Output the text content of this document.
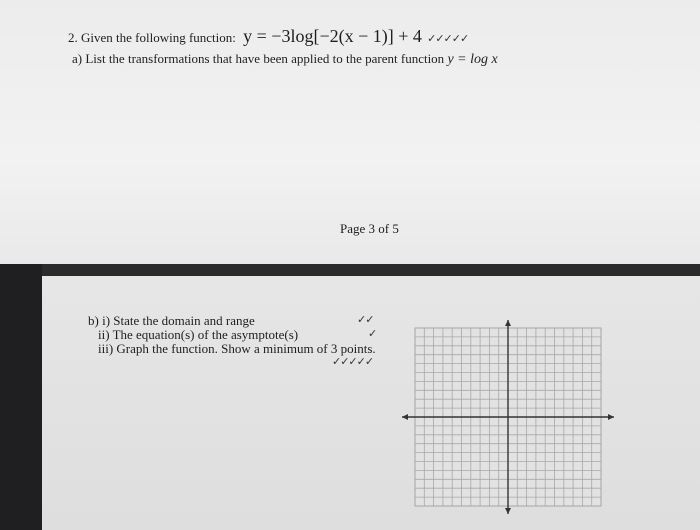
2. Given the following function: y = −3log[−2(x − 1)] + 4 ✓✓✓✓✓
a) List the transformations that have been applied to the parent function y = log x
Page 3 of 5
b) i) State the domain and range
ii) The equation(s) of the asymptote(s)
iii) Graph the function. Show a minimum of 3 points.
✓✓
✓
✓✓✓✓✓
